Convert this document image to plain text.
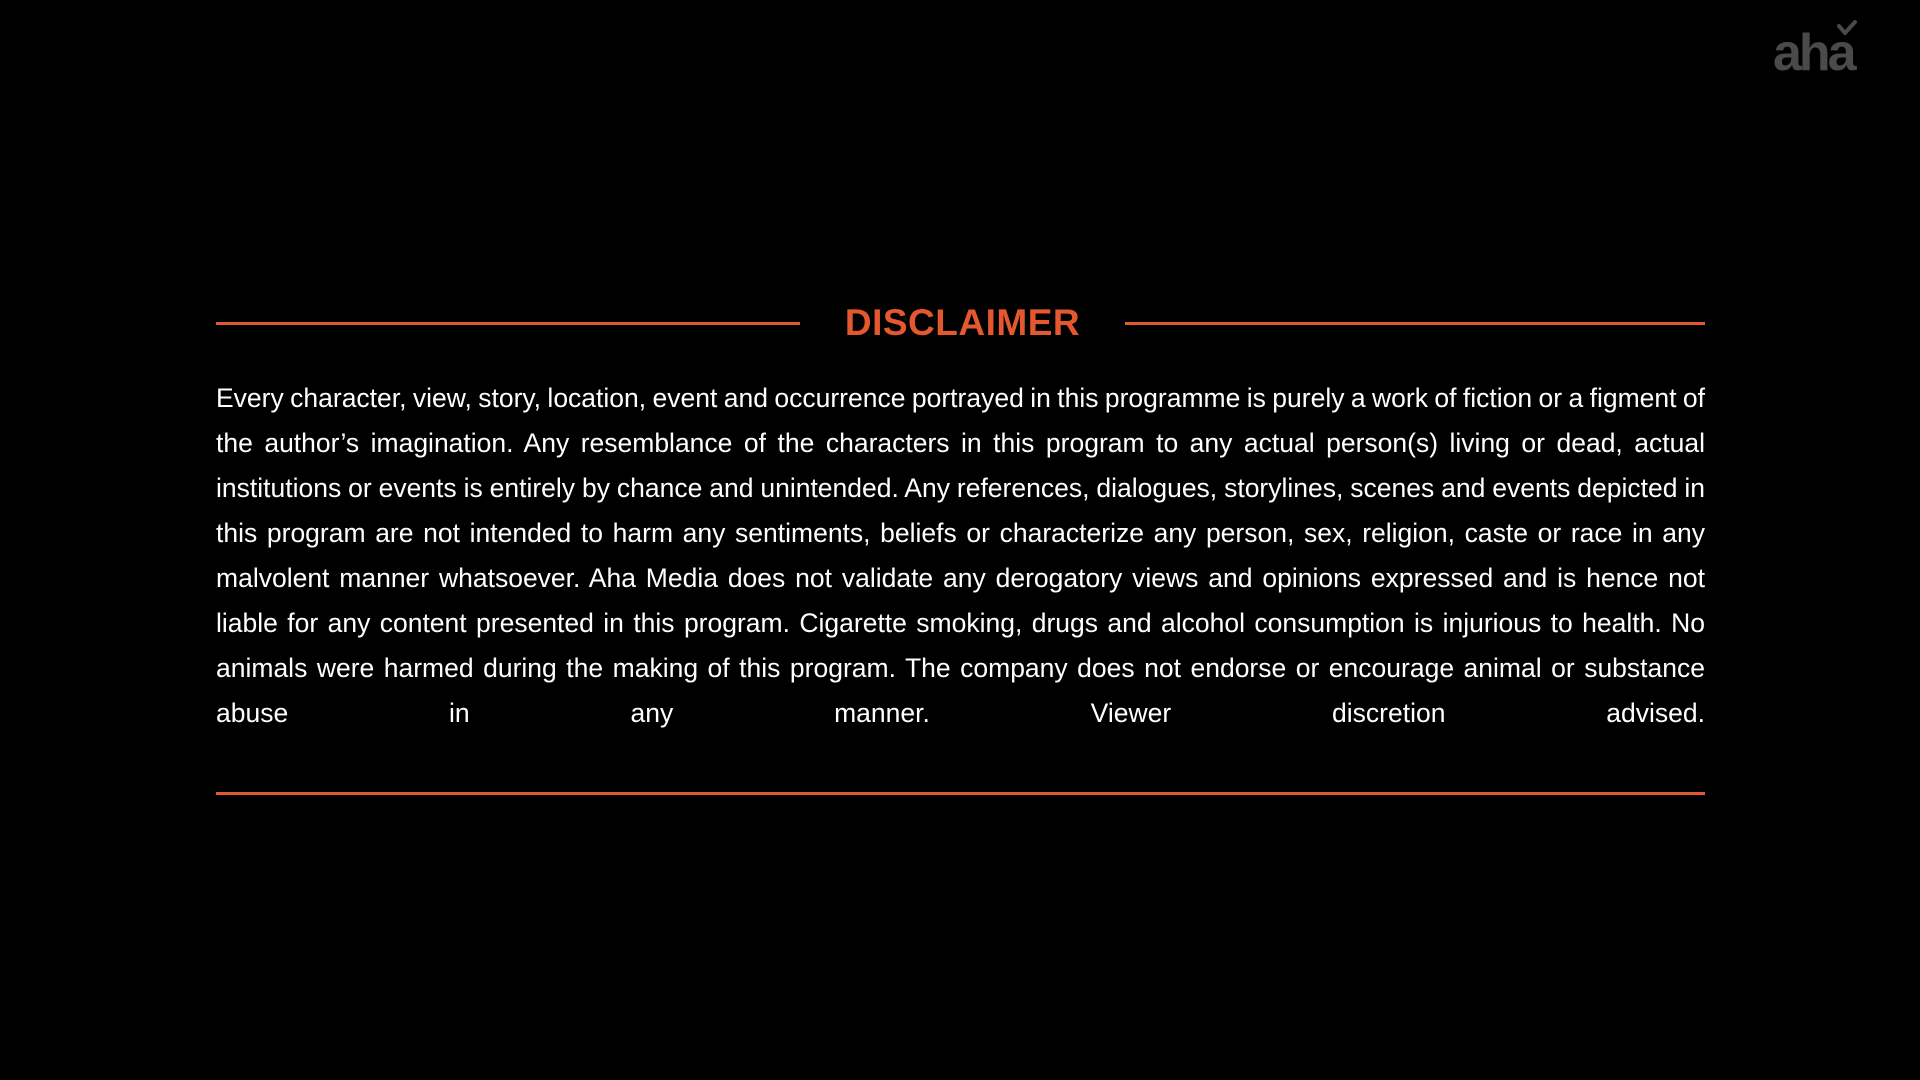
aha
DISCLAIMER

Every character, view, story, location, event and occurrence portrayed in this programme is purely a work of fiction or a figment of the author’s imagination. Any resemblance of the characters in this program to any actual person(s) living or dead, actual institutions or events is entirely by chance and unintended. Any references, dialogues, storylines, scenes and events depicted in this program are not intended to harm any sentiments, beliefs or characterize any person, sex, religion, caste or race in any malvolent manner whatsoever. Aha Media does not validate any derogatory views and opinions expressed and is hence not liable for any content presented in this program. Cigarette smoking, drugs and alcohol consumption is injurious to health. No animals were harmed during the making of this program. The company does not endorse or encourage animal or substance abuse in any manner. Viewer discretion advised.
